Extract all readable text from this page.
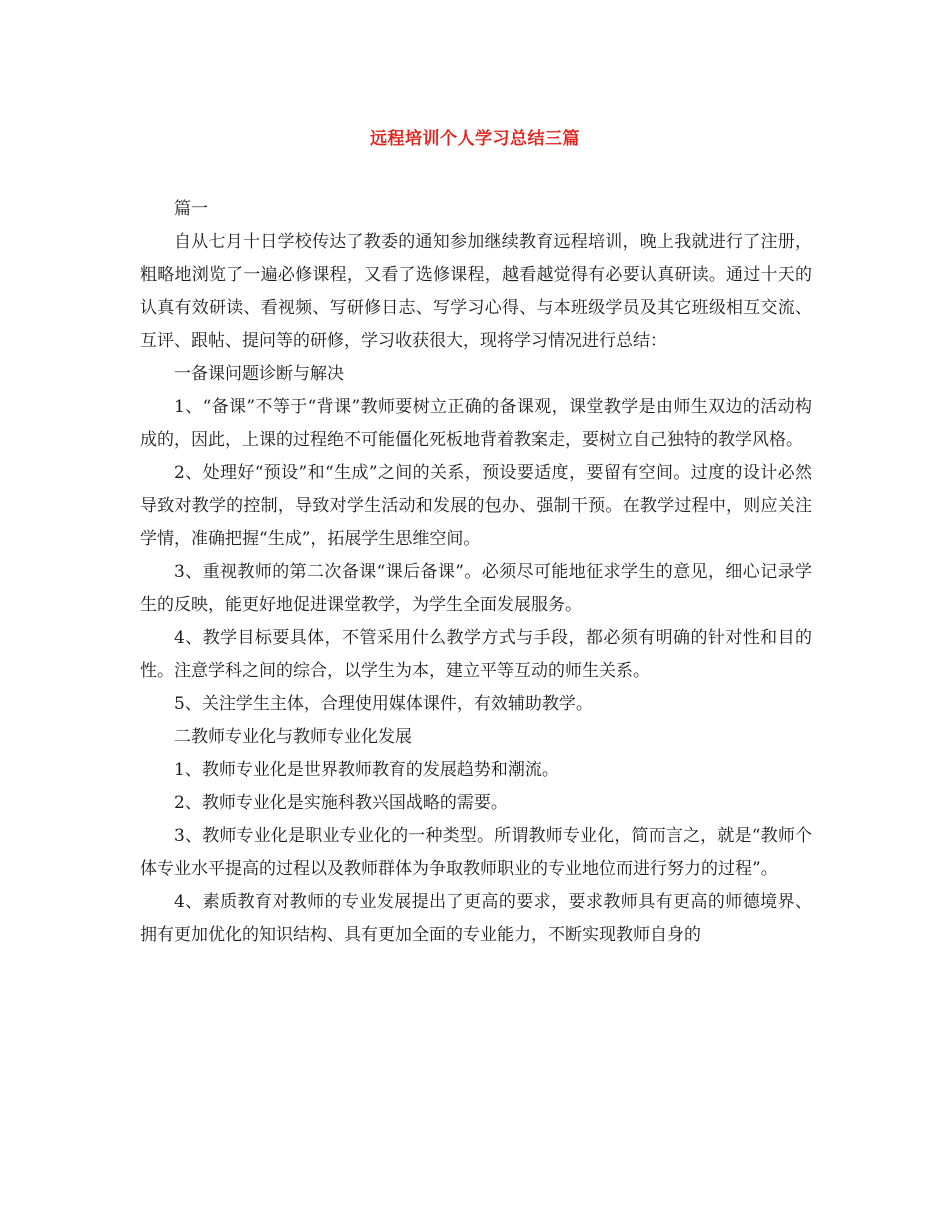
远程培训个人学习总结三篇

篇一

自从七月十日学校传达了教委的通知参加继续教育远程培训，晚上我就进行了注册，粗略地浏览了一遍必修课程，又看了选修课程，越看越觉得有必要认真研读。通过十天的认真有效研读、看视频、写研修日志、写学习心得、与本班级学员及其它班级相互交流、互评、跟帖、提问等的研修，学习收获很大，现将学习情况进行总结：

一备课问题诊断与解决

1、“备课”不等于“背课”教师要树立正确的备课观，课堂教学是由师生双边的活动构成的，因此，上课的过程绝不可能僵化死板地背着教案走，要树立自己独特的教学风格。

2、处理好“预设”和“生成”之间的关系，预设要适度，要留有空间。过度的设计必然导致对教学的控制，导致对学生活动和发展的包办、强制干预。在教学过程中，则应关注学情，准确把握“生成”，拓展学生思维空间。

3、重视教师的第二次备课“课后备课”。必须尽可能地征求学生的意见，细心记录学生的反映，能更好地促进课堂教学，为学生全面发展服务。

4、教学目标要具体，不管采用什么教学方式与手段，都必须有明确的针对性和目的性。注意学科之间的综合，以学生为本，建立平等互动的师生关系。

5、关注学生主体，合理使用媒体课件，有效辅助教学。

二教师专业化与教师专业化发展

1、教师专业化是世界教师教育的发展趋势和潮流。

2、教师专业化是实施科教兴国战略的需要。

3、教师专业化是职业专业化的一种类型。所谓教师专业化，简而言之，就是“教师个体专业水平提高的过程以及教师群体为争取教师职业的专业地位而进行努力的过程”。

4、素质教育对教师的专业发展提出了更高的要求，要求教师具有更高的师德境界、拥有更加优化的知识结构、具有更加全面的专业能力，不断实现教师自身的
